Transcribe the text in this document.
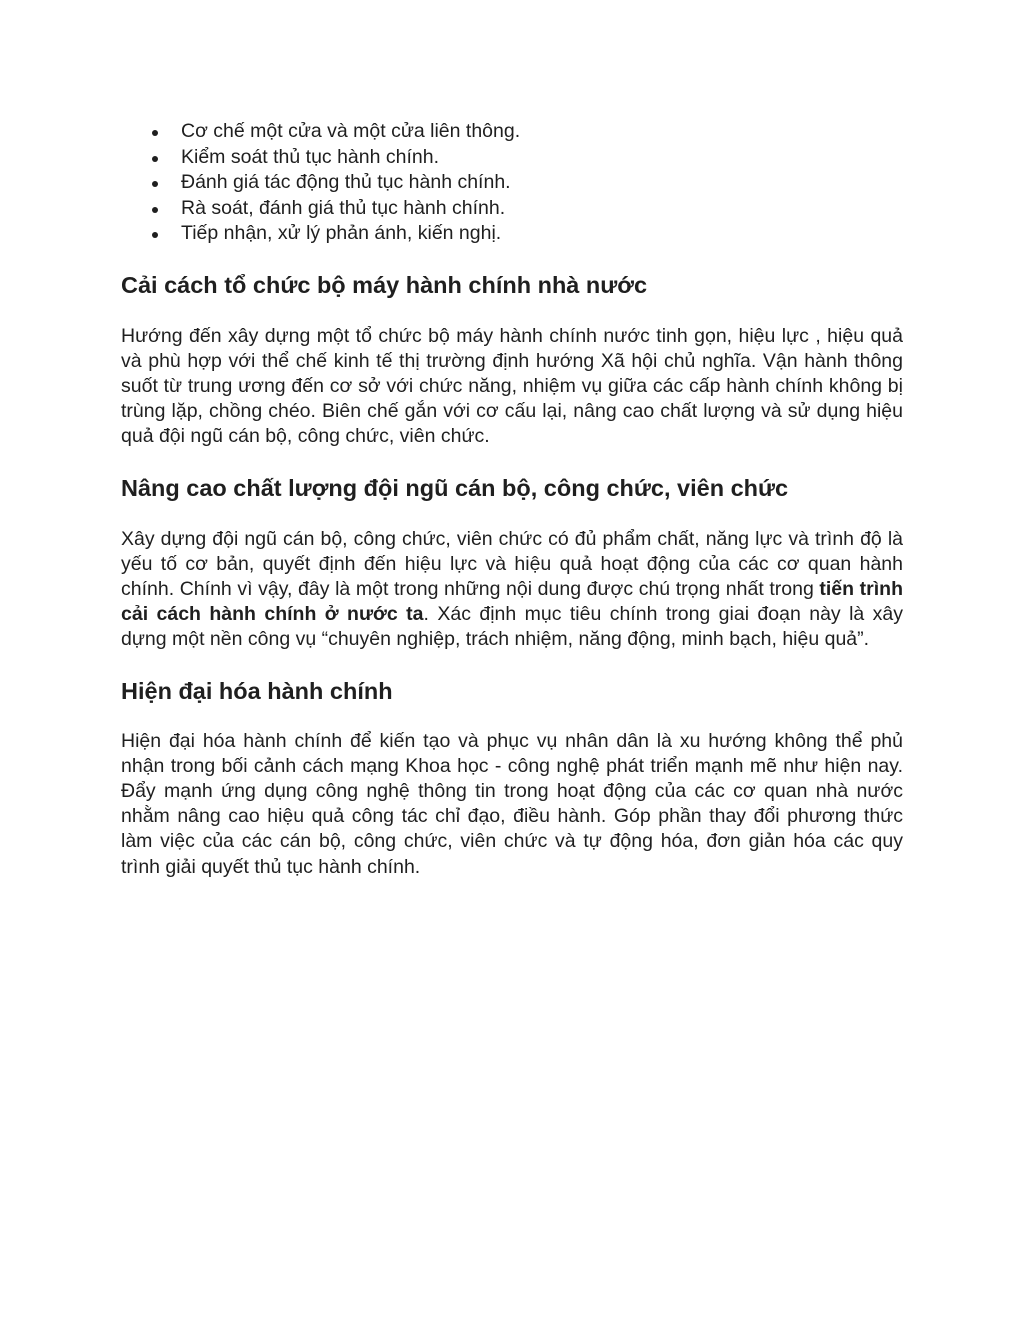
Cơ chế một cửa và một cửa liên thông.
Kiểm soát thủ tục hành chính.
Đánh giá tác động thủ tục hành chính.
Rà soát, đánh giá thủ tục hành chính.
Tiếp nhận, xử lý phản ánh, kiến nghị.
Cải cách tổ chức bộ máy hành chính nhà nước

Hướng đến xây dựng một tổ chức bộ máy hành chính nước tinh gọn, hiệu lực , hiệu quả và phù hợp với thể chế kinh tế thị trường định hướng Xã hội chủ nghĩa. Vận hành thông suốt từ trung ương đến cơ sở với chức năng, nhiệm vụ giữa các cấp hành chính không bị trùng lặp, chồng chéo. Biên chế gắn với cơ cấu lại, nâng cao chất lượng và sử dụng hiệu quả đội ngũ cán bộ, công chức, viên chức.

Nâng cao chất lượng đội ngũ cán bộ, công chức, viên chức

Xây dựng đội ngũ cán bộ, công chức, viên chức có đủ phẩm chất, năng lực và trình độ là yếu tố cơ bản, quyết định đến hiệu lực và hiệu quả hoạt động của các cơ quan hành chính. Chính vì vậy, đây là một trong những nội dung được chú trọng nhất trong tiến trình cải cách hành chính ở nước ta. Xác định mục tiêu chính trong giai đoạn này là xây dựng một nền công vụ “chuyên nghiệp, trách nhiệm, năng động, minh bạch, hiệu quả”.

Hiện đại hóa hành chính

Hiện đại hóa hành chính để kiến tạo và phục vụ nhân dân là xu hướng không thể phủ nhận trong bối cảnh cách mạng Khoa học - công nghệ phát triển mạnh mẽ như hiện nay. Đẩy mạnh ứng dụng công nghệ thông tin trong hoạt động của các cơ quan nhà nước nhằm nâng cao hiệu quả công tác chỉ đạo, điều hành. Góp phần thay đổi phương thức làm việc của các cán bộ, công chức, viên chức và tự động hóa, đơn giản hóa các quy trình giải quyết thủ tục hành chính.
